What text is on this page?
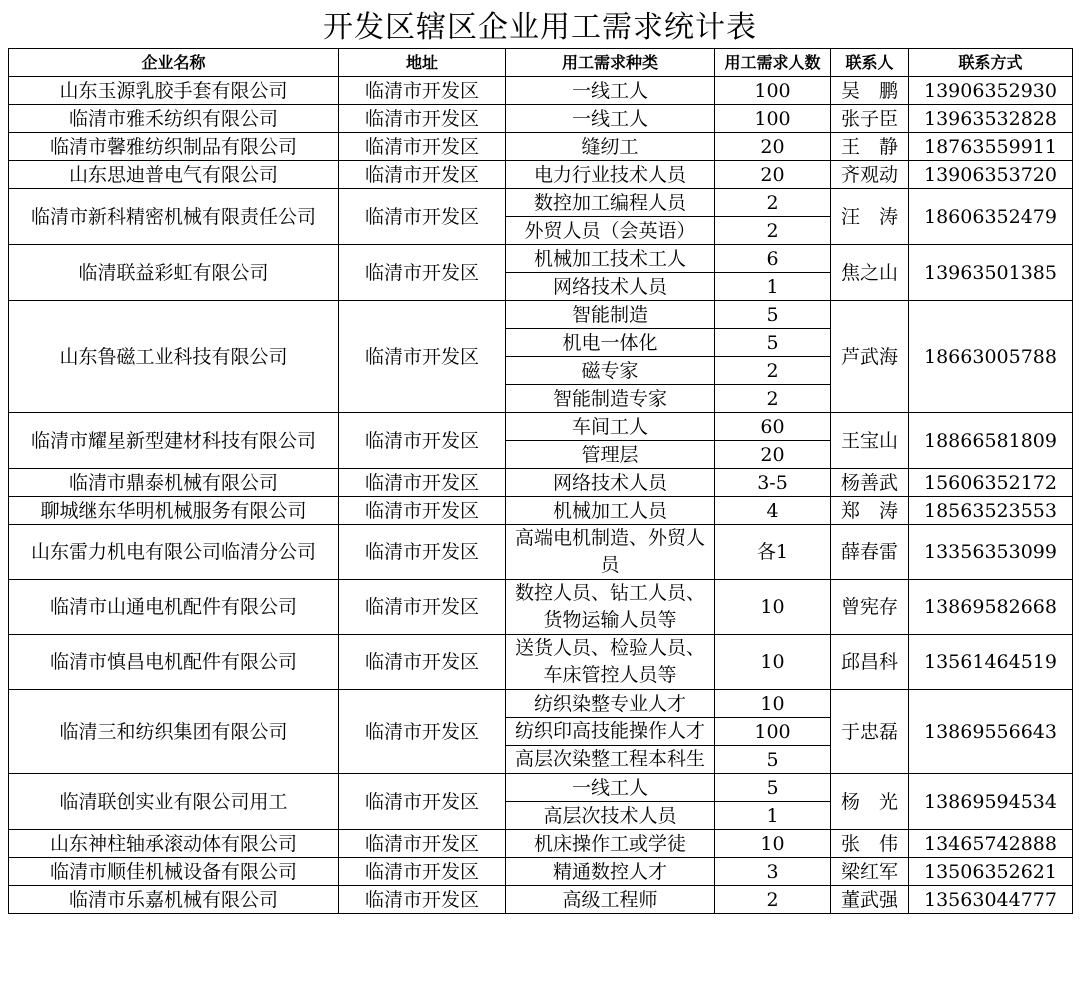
开发区辖区企业用工需求统计表
企业名称	地址	用工需求种类	用工需求人数	联系人	联系方式
山东玉源乳胶手套有限公司	临清市开发区	一线工人	100	吴　鹏	13906352930
临清市雅禾纺织有限公司	临清市开发区	一线工人	100	张子臣	13963532828
临清市馨雅纺织制品有限公司	临清市开发区	缝纫工	20	王　静	18763559911
山东思迪普电气有限公司	临清市开发区	电力行业技术人员	20	齐观动	13906353720
临清市新科精密机械有限责任公司	临清市开发区	数控加工编程人员	2	汪　涛	18606352479
		外贸人员（会英语）	2		
临清联益彩虹有限公司	临清市开发区	机械加工技术工人	6	焦之山	13963501385
		网络技术人员	1		
山东鲁磁工业科技有限公司	临清市开发区	智能制造	5	芦武海	18663005788
		机电一体化	5		
		磁专家	2		
		智能制造专家	2		
临清市耀星新型建材科技有限公司	临清市开发区	车间工人	60	王宝山	18866581809
		管理层	20		
临清市鼎泰机械有限公司	临清市开发区	网络技术人员	3-5	杨善武	15606352172
聊城继东华明机械服务有限公司	临清市开发区	机械加工人员	4	郑　涛	18563523553
山东雷力机电有限公司临清分公司	临清市开发区	高端电机制造、外贸人员	各1	薛春雷	13356353099
临清市山通电机配件有限公司	临清市开发区	数控人员、钻工人员、货物运输人员等	10	曾宪存	13869582668
临清市慎昌电机配件有限公司	临清市开发区	送货人员、检验人员、车床管控人员等	10	邱昌科	13561464519
临清三和纺织集团有限公司	临清市开发区	纺织染整专业人才	10	于忠磊	13869556643
		纺织印高技能操作人才	100		
		高层次染整工程本科生	5		
临清联创实业有限公司用工	临清市开发区	一线工人	5	杨　光	13869594534
		高层次技术人员	1		
山东神柱轴承滚动体有限公司	临清市开发区	机床操作工或学徒	10	张　伟	13465742888
临清市顺佳机械设备有限公司	临清市开发区	精通数控人才	3	梁红军	13506352621
临清市乐嘉机械有限公司	临清市开发区	高级工程师	2	董武强	13563044777
